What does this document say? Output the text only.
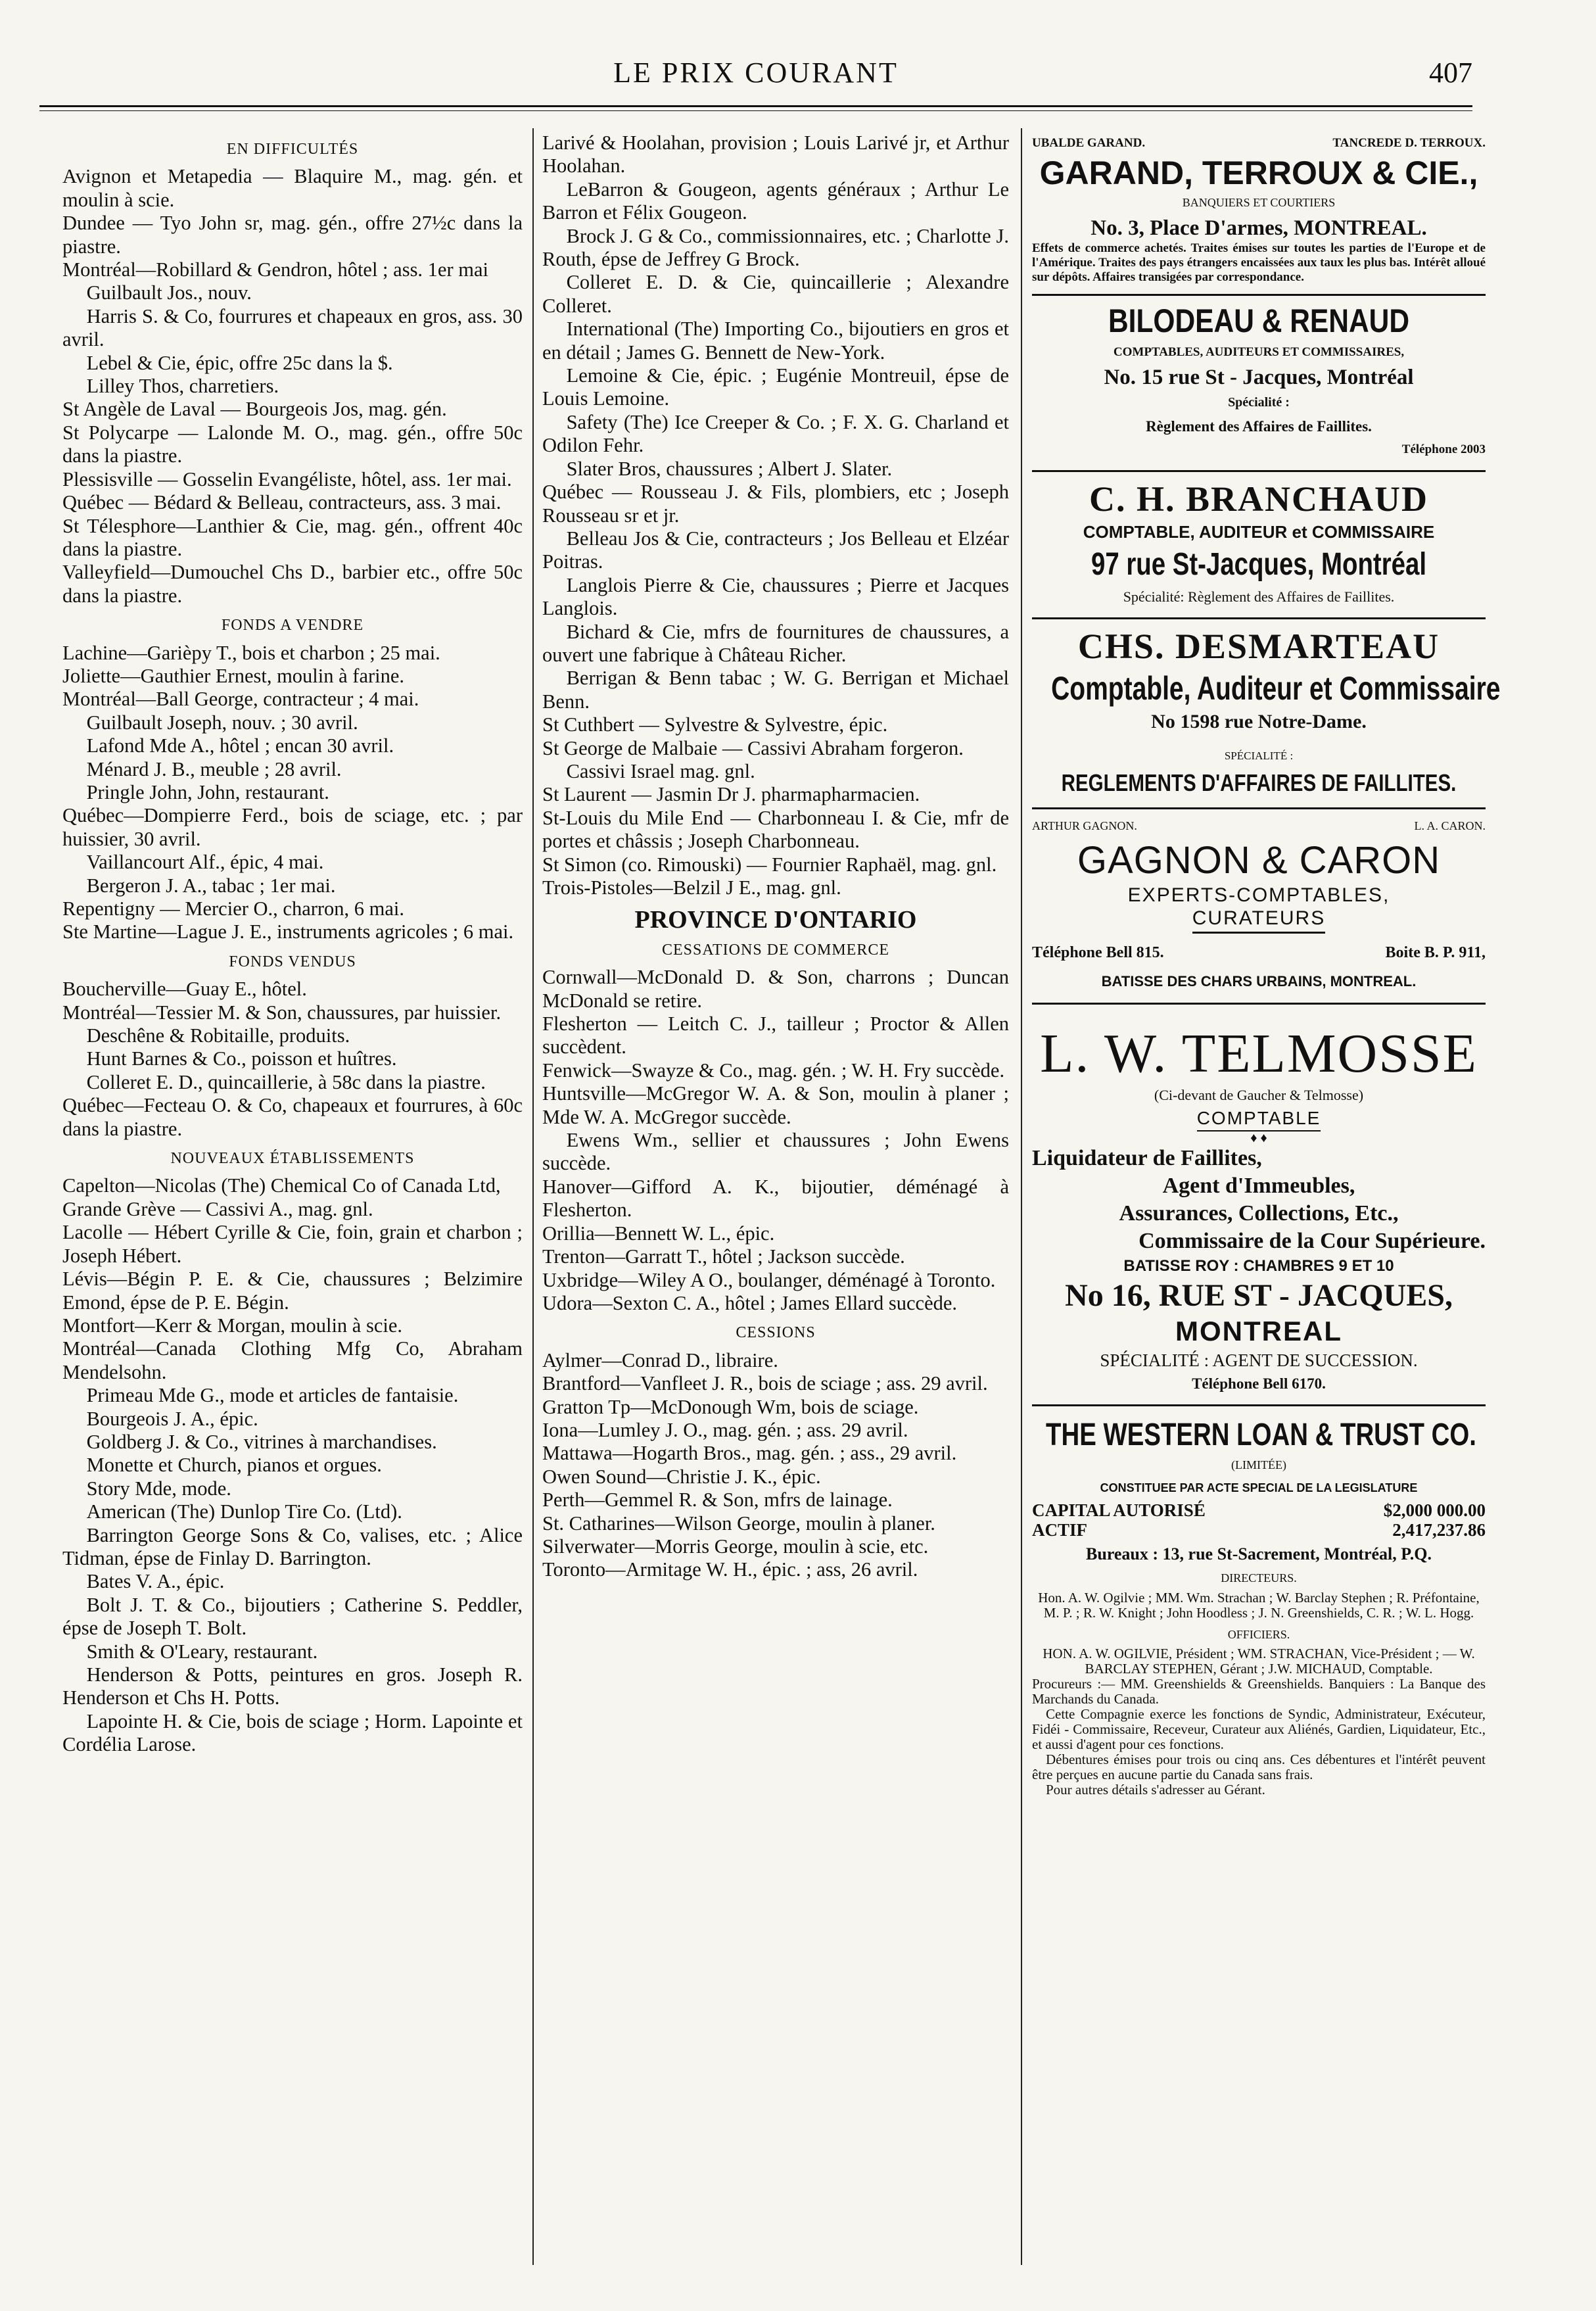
LE PRIX COURANT	407
EN DIFFICULTÉS

Avignon et Metapedia — Blaquire M., mag. gén. et moulin à scie.

Dundee — Tyo John sr, mag. gén., offre 27½c dans la piastre.

Montréal—Robillard & Gendron, hôtel ; ass. 1er mai

Guilbault Jos., nouv.

Harris S. & Co, fourrures et chapeaux en gros, ass. 30 avril.

Lebel & Cie, épic, offre 25c dans la $.

Lilley Thos, charretiers.

St Angèle de Laval — Bourgeois Jos, mag. gén.

St Polycarpe — Lalonde M. O., mag. gén., offre 50c dans la piastre.

Plessisville — Gosselin Evangéliste, hôtel, ass. 1er mai.

Québec — Bédard & Belleau, contracteurs, ass. 3 mai.

St Télesphore—Lanthier & Cie, mag. gén., offrent 40c dans la piastre.

Valleyfield—Dumouchel Chs D., barbier etc., offre 50c dans la piastre.

FONDS A VENDRE

Lachine—Garièpy T., bois et charbon ; 25 mai.

Joliette—Gauthier Ernest, moulin à farine.

Montréal—Ball George, contracteur ; 4 mai.

Guilbault Joseph, nouv. ; 30 avril.

Lafond Mde A., hôtel ; encan 30 avril.

Ménard J. B., meuble ; 28 avril.

Pringle John, John, restaurant.

Québec—Dompierre Ferd., bois de sciage, etc. ; par huissier, 30 avril.

Vaillancourt Alf., épic, 4 mai.

Bergeron J. A., tabac ; 1er mai.

Repentigny — Mercier O., charron, 6 mai.

Ste Martine—Lague J. E., instruments agricoles ; 6 mai.

FONDS VENDUS

Boucherville—Guay E., hôtel.

Montréal—Tessier M. & Son, chaussures, par huissier.

Deschêne & Robitaille, produits.

Hunt Barnes & Co., poisson et huîtres.

Colleret E. D., quincaillerie, à 58c dans la piastre.

Québec—Fecteau O. & Co, chapeaux et fourrures, à 60c dans la piastre.

NOUVEAUX ÉTABLISSEMENTS

Capelton—Nicolas (The) Chemical Co of Canada Ltd,

Grande Grève — Cassivi A., mag. gnl.

Lacolle — Hébert Cyrille & Cie, foin, grain et charbon ; Joseph Hébert.

Lévis—Bégin P. E. & Cie, chaussures ; Belzimire Emond, épse de P. E. Bégin.

Montfort—Kerr & Morgan, moulin à scie.

Montréal—Canada Clothing Mfg Co, Abraham Mendelsohn.

Primeau Mde G., mode et articles de fantaisie.

Bourgeois J. A., épic.

Goldberg J. & Co., vitrines à marchandises.

Monette et Church, pianos et orgues.

Story Mde, mode.

American (The) Dunlop Tire Co. (Ltd).

Barrington George Sons & Co, valises, etc. ; Alice Tidman, épse de Finlay D. Barrington.

Bates V. A., épic.

Bolt J. T. & Co., bijoutiers ; Catherine S. Peddler, épse de Joseph T. Bolt.

Smith & O'Leary, restaurant.

Henderson & Potts, peintures en gros. Joseph R. Henderson et Chs H. Potts.

Lapointe H. & Cie, bois de sciage ; Horm. Lapointe et Cordélia Larose.

Larivé & Hoolahan, provision ; Louis Larivé jr, et Arthur Hoolahan.

LeBarron & Gougeon, agents généraux ; Arthur Le Barron et Félix Gougeon.

Brock J. G & Co., commissionnaires, etc. ; Charlotte J. Routh, épse de Jeffrey G Brock.

Colleret E. D. & Cie, quincaillerie ; Alexandre Colleret.

International (The) Importing Co., bijoutiers en gros et en détail ; James G. Bennett de New-York.

Lemoine & Cie, épic. ; Eugénie Montreuil, épse de Louis Lemoine.

Safety (The) Ice Creeper & Co. ; F. X. G. Charland et Odilon Fehr.

Slater Bros, chaussures ; Albert J. Slater.

Québec — Rousseau J. & Fils, plombiers, etc ; Joseph Rousseau sr et jr.

Belleau Jos & Cie, contracteurs ; Jos Belleau et Elzéar Poitras.

Langlois Pierre & Cie, chaussures ; Pierre et Jacques Langlois.

Bichard & Cie, mfrs de fournitures de chaussures, a ouvert une fabrique à Château Richer.

Berrigan & Benn tabac ; W. G. Berrigan et Michael Benn.

St Cuthbert — Sylvestre & Sylvestre, épic.

St George de Malbaie — Cassivi Abraham forgeron.

Cassivi Israel mag. gnl.

St Laurent — Jasmin Dr J. pharmapharmacien.

St-Louis du Mile End — Charbonneau I. & Cie, mfr de portes et châssis ; Joseph Charbonneau.

St Simon (co. Rimouski) — Fournier Raphaël, mag. gnl.

Trois-Pistoles—Belzil J E., mag. gnl.

PROVINCE D'ONTARIO
CESSATIONS DE COMMERCE

Cornwall—McDonald D. & Son, charrons ; Duncan McDonald se retire.

Flesherton — Leitch C. J., tailleur ; Proctor & Allen succèdent.

Fenwick—Swayze & Co., mag. gén. ; W. H. Fry succède.

Huntsville—McGregor W. A. & Son, moulin à planer ; Mde W. A. McGregor succède.

Ewens Wm., sellier et chaussures ; John Ewens succède.

Hanover—Gifford A. K., bijoutier, déménagé à Flesherton.

Orillia—Bennett W. L., épic.

Trenton—Garratt T., hôtel ; Jackson succède.

Uxbridge—Wiley A O., boulanger, déménagé à Toronto.

Udora—Sexton C. A., hôtel ; James Ellard succède.

CESSIONS

Aylmer—Conrad D., libraire.

Brantford—Vanfleet J. R., bois de sciage ; ass. 29 avril.

Gratton Tp—McDonough Wm, bois de sciage.

Iona—Lumley J. O., mag. gén. ; ass. 29 avril.

Mattawa—Hogarth Bros., mag. gén. ; ass., 29 avril.

Owen Sound—Christie J. K., épic.

Perth—Gemmel R. & Son, mfrs de lainage.

St. Catharines—Wilson George, moulin à planer.

Silverwater—Morris George, moulin à scie, etc.

Toronto—Armitage W. H., épic. ; ass, 26 avril.

UBALDE GARAND.	TANCREDE D. TERROUX.

GARAND, TERROUX & CIE.,

BANQUIERS ET COURTIERS

No. 3, Place D'armes, MONTREAL.

Effets de commerce achetés. Traites émises sur toutes les parties de l'Europe et de l'Amérique. Traites des pays étrangers encaissées aux taux les plus bas. Intérêt alloué sur dépôts. Affaires transigées par correspondance.

BILODEAU & RENAUD

COMPTABLES, AUDITEURS ET COMMISSAIRES,

No. 15 rue St - Jacques, Montréal

Spécialité :

Règlement des Affaires de Faillites.

Téléphone 2003

C. H. BRANCHAUD

COMPTABLE, AUDITEUR et COMMISSAIRE

97 rue St-Jacques, Montréal

Spécialité: Règlement des Affaires de Faillites.

CHS. DESMARTEAU

Comptable, Auditeur et Commissaire

No 1598 rue Notre-Dame.

SPÉCIALITÉ :

REGLEMENTS D'AFFAIRES DE FAILLITES.

ARTHUR GAGNON.	L. A. CARON.

GAGNON & CARON

EXPERTS-COMPTABLES,

CURATEURS

Téléphone Bell 815.	Boite B. P. 911,

BATISSE DES CHARS URBAINS, MONTREAL.

L. W. TELMOSSE

(Ci-devant de Gaucher & Telmosse)

COMPTABLE

♦ ♦

Liquidateur de Faillites,

Agent d'Immeubles,

Assurances, Collections, Etc.,

Commissaire de la Cour Supérieure.

BATISSE ROY : CHAMBRES 9 ET 10

No 16, RUE ST - JACQUES,

MONTREAL

SPÉCIALITÉ : AGENT DE SUCCESSION.

Téléphone Bell 6170.

THE WESTERN LOAN & TRUST CO.

(LIMITÉE)

CONSTITUEE PAR ACTE SPECIAL DE LA LEGISLATURE

CAPITAL AUTORISÉ	$2,000 000.00

ACTIF	2,417,237.86

Bureaux : 13, rue St-Sacrement, Montréal, P.Q.

DIRECTEURS.

Hon. A. W. Ogilvie ; MM. Wm. Strachan ; W. Barclay Stephen ; R. Préfontaine, M. P. ; R. W. Knight ; John Hoodless ; J. N. Greenshields, C. R. ; W. L. Hogg.

OFFICIERS.

HON. A. W. OGILVIE, Président ; WM. STRACHAN, Vice-Président ; — W. BARCLAY STEPHEN, Gérant ; J.W. MICHAUD, Comptable.

Procureurs :— MM. Greenshields & Greenshields. Banquiers : La Banque des Marchands du Canada.

Cette Compagnie exerce les fonctions de Syndic, Administrateur, Exécuteur, Fidéi - Commissaire, Receveur, Curateur aux Aliénés, Gardien, Liquidateur, Etc., et aussi d'agent pour ces fonctions.

Débentures émises pour trois ou cinq ans. Ces débentures et l'intérêt peuvent être perçues en aucune partie du Canada sans frais.

Pour autres détails s'adresser au Gérant.
